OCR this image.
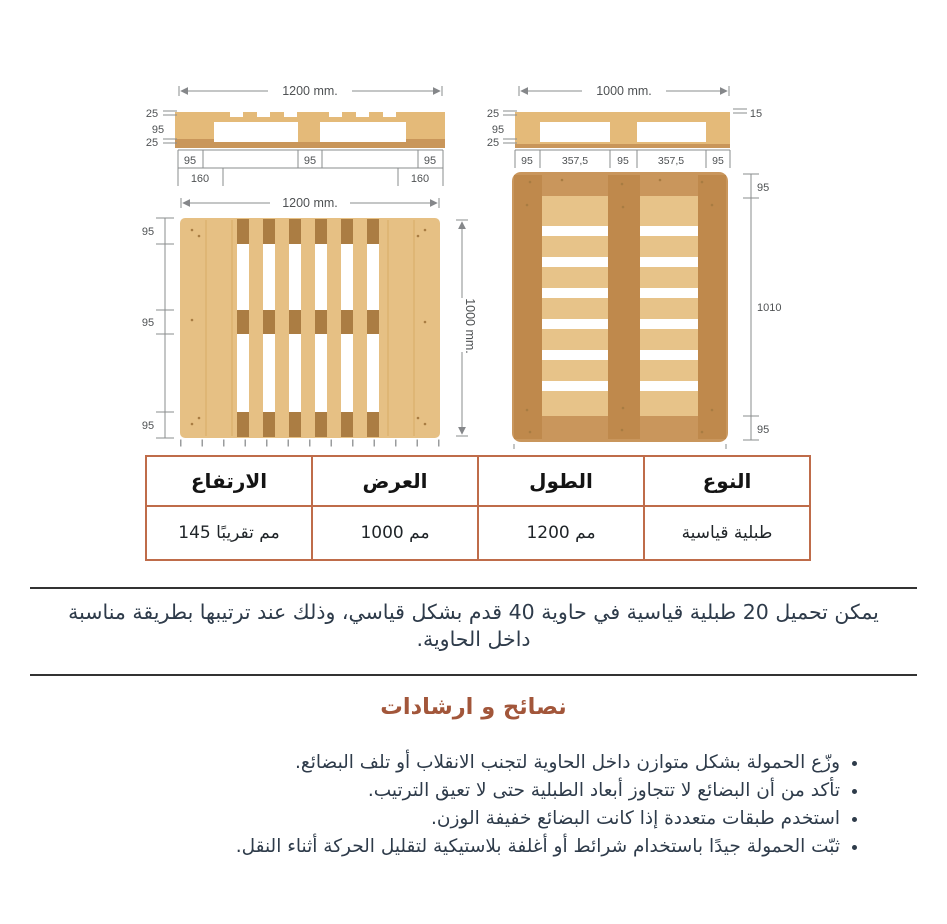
1200 mm.
25
95
25
95	95	95
160	160
1200 mm.
95
95
95
1000 mm.
1000 mm.
15
25
95
25
95	357,5	95	357,5	95
95
1010
95
النوع	الطول	العرض	الارتفاع
طبلية قياسية	1200 مم	1000 مم	145 مم تقريبًا
يمكن تحميل 20 طبلية قياسية في حاوية 40 قدم بشكل قياسي، وذلك عند ترتيبها بطريقة مناسبة داخل الحاوية.
نصائح و ارشادات
• وزّع الحمولة بشكل متوازن داخل الحاوية لتجنب الانقلاب أو تلف البضائع.
• تأكد من أن البضائع لا تتجاوز أبعاد الطبلية حتى لا تعيق الترتيب.
• استخدم طبقات متعددة إذا كانت البضائع خفيفة الوزن.
• ثبّت الحمولة جيدًا باستخدام شرائط أو أغلفة بلاستيكية لتقليل الحركة أثناء النقل.
